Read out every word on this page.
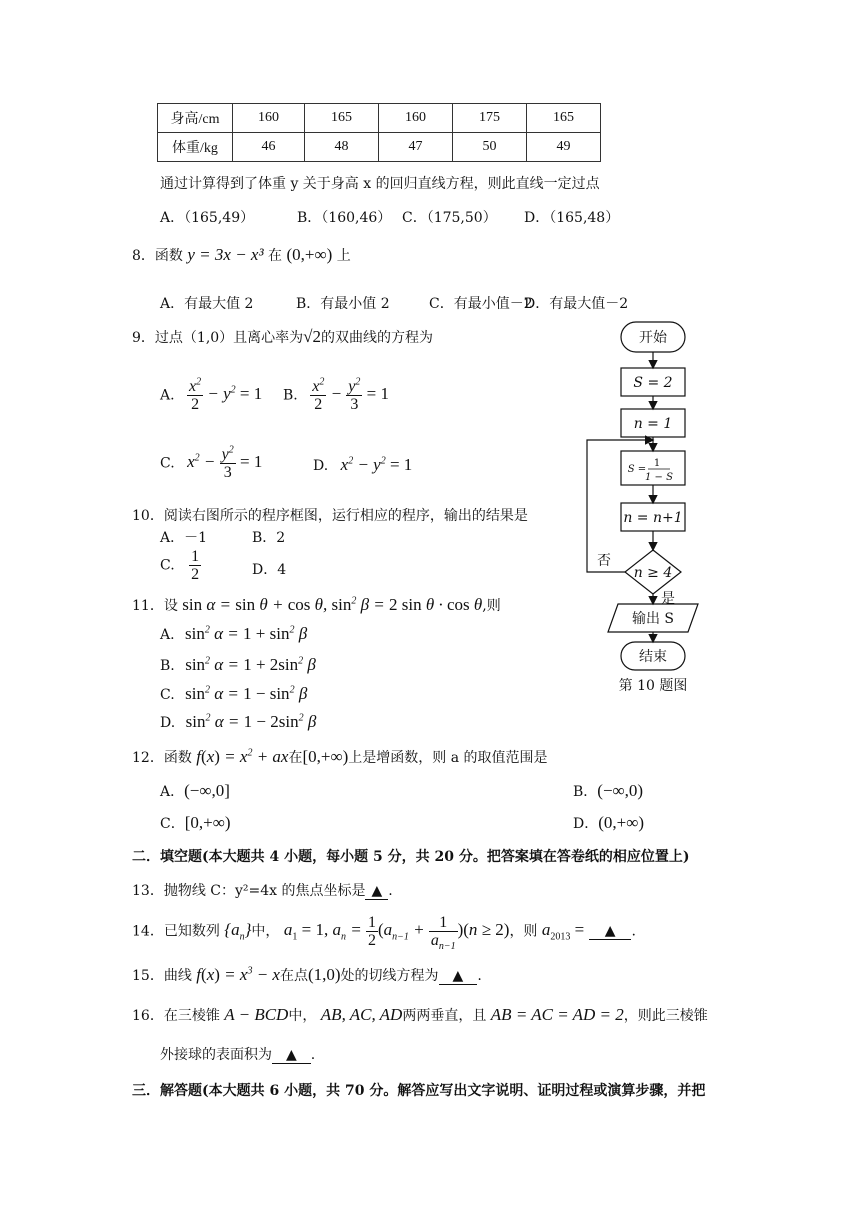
身高/cm	160	165	160	175	165
体重/kg	46	48	47	50	49
通过计算得到了体重 y 关于身高 x 的回归直线方程，则此直线一定过点
A．（165,49）	B．（160,46） C．（175,50） D．（165,48）
8．函数 y = 3x − x³ 在 (0,+∞) 上
A．有最大值 2	B．有最小值 2	C．有最小值－2
D．有最大值－2
9．过点（1,0）且离心率为√2的双曲线的方程为
A. $\frac{x^2}{2} - y^2 = 1$ B. $\frac{x^2}{2} - \frac{y^2}{3} = 1$
C. $x^2 - \frac{y^2}{3} = 1$	D. $x^2 - y^2 = 1$
10．阅读右图所示的程序框图，运行相应的程序，输出的结果是
A．－1	B．2
C. $\frac{1}{2}$	D．4
11．设 sin α = sin θ + cos θ, $\sin^2 \beta = 2$ sin θ · cos θ,则
A. $\sin^2 \alpha = 1 + \sin^2 \beta$
B. $\sin^2 \alpha = 1 + 2\sin^2$ β
C. $\sin^2 \alpha = 1 - \sin^2 \beta$
D. $\sin^2 \alpha = 1 - 2\sin^2$ β
12．函数 $f(x) = x^2$ + ax在[0,+∞)上是增函数，则 a 的取值范围是
A．(−∞,0]	B．(−∞,0)
C．[0,+∞)	D．(0,+∞)
二．填空题(本大题共 4 小题，每小题 5 分，共 20 分。把答案填在答卷纸的相应位置上)
13．抛物线 C：y²=4x 的焦点坐标是 ▲ .
14．已知数列 $\{a_n\}$中， $a_1 = 1$, $a_n = \frac{1}{2} (a_{n-1} + \frac{1}{a_{n-1}} )(n \ge 2)$，则 $a_{2013}$ = ▲ .
15．曲线 $f(x) = x^3 - x$在点(1,0)处的切线方程为 ▲ .
16．在三棱锥 A − BCD中， AB, AC, AD两两垂直，且 AB = AC = AD = 2，则此三棱锥
外接球的表面积为 ▲ .
三．解答题(本大题共 6 小题，共 70 分。解答应写出文字说明、证明过程或演算步骤，并把
开始
S = 2
n = 1
S =
1
1 − S
n = n+1
n ≥ 4
否
是
输出 S
结束
第 10 题图
